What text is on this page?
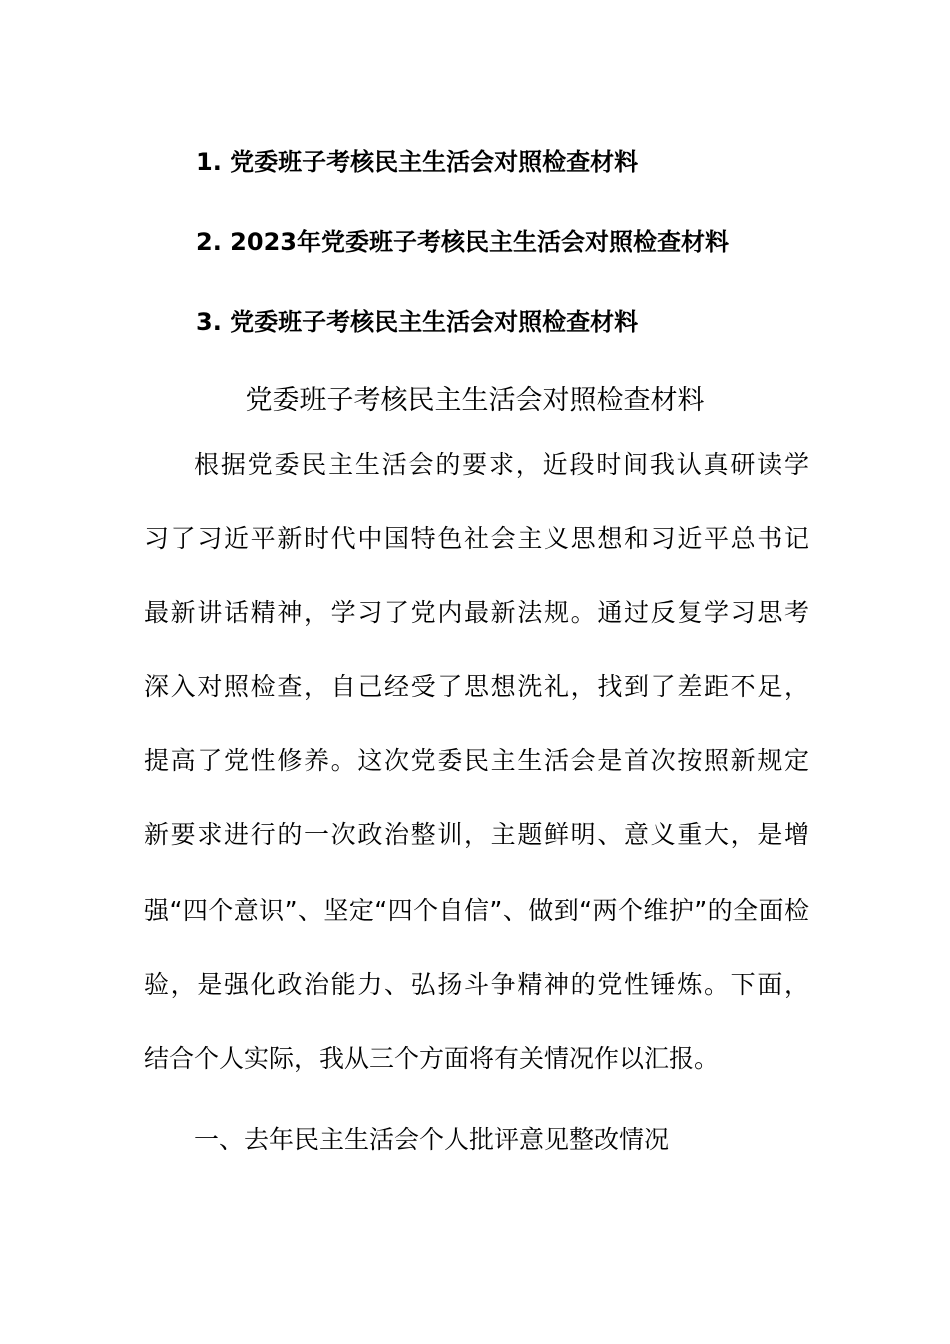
1. 党委班子考核民主生活会对照检查材料
2. 2023年党委班子考核民主生活会对照检查材料
3. 党委班子考核民主生活会对照检查材料
党委班子考核民主生活会对照检查材料
根据党委民主生活会的要求，近段时间我认真研读学
习了习近平新时代中国特色社会主义思想和习近平总书记
最新讲话精神，学习了党内最新法规。通过反复学习思考
深入对照检查，自己经受了思想洗礼，找到了差距不足，
提高了党性修养。这次党委民主生活会是首次按照新规定
新要求进行的一次政治整训，主题鲜明、意义重大，是增
强“四个意识”、坚定“四个自信”、做到“两个维护”的全面检
验，是强化政治能力、弘扬斗争精神的党性锤炼。下面，
结合个人实际，我从三个方面将有关情况作以汇报。
一、去年民主生活会个人批评意见整改情况
